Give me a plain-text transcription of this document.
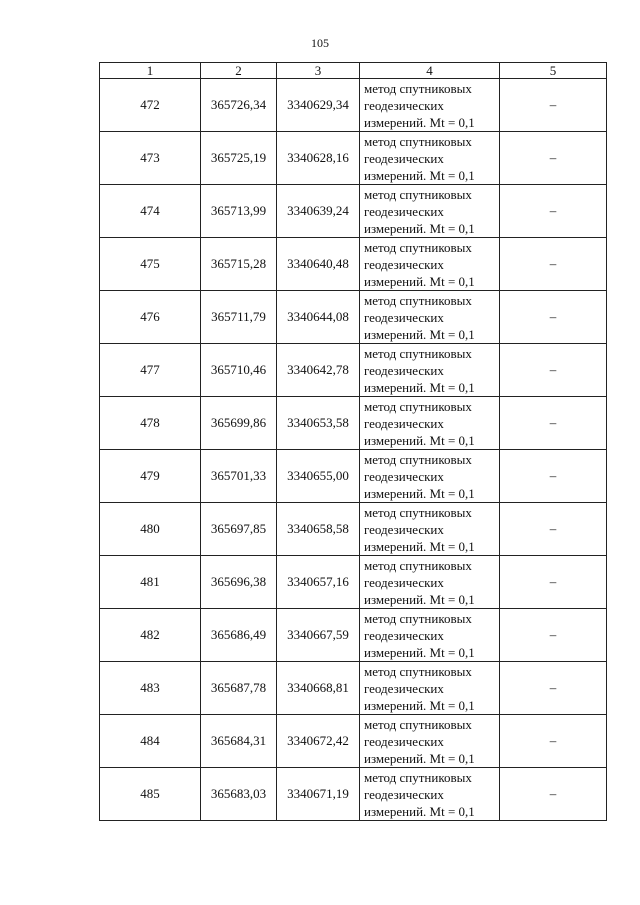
105
1	2	3	4	5
472	365726,34	3340629,34	метод спутниковых
геодезических
измерений. Mt = 0,1	–
473	365725,19	3340628,16	метод спутниковых
геодезических
измерений. Mt = 0,1	–
474	365713,99	3340639,24	метод спутниковых
геодезических
измерений. Mt = 0,1	–
475	365715,28	3340640,48	метод спутниковых
геодезических
измерений. Mt = 0,1	–
476	365711,79	3340644,08	метод спутниковых
геодезических
измерений. Mt = 0,1	–
477	365710,46	3340642,78	метод спутниковых
геодезических
измерений. Mt = 0,1	–
478	365699,86	3340653,58	метод спутниковых
геодезических
измерений. Mt = 0,1	–
479	365701,33	3340655,00	метод спутниковых
геодезических
измерений. Mt = 0,1	–
480	365697,85	3340658,58	метод спутниковых
геодезических
измерений. Mt = 0,1	–
481	365696,38	3340657,16	метод спутниковых
геодезических
измерений. Mt = 0,1	–
482	365686,49	3340667,59	метод спутниковых
геодезических
измерений. Mt = 0,1	–
483	365687,78	3340668,81	метод спутниковых
геодезических
измерений. Mt = 0,1	–
484	365684,31	3340672,42	метод спутниковых
геодезических
измерений. Mt = 0,1	–
485	365683,03	3340671,19	метод спутниковых
геодезических
измерений. Mt = 0,1	–
